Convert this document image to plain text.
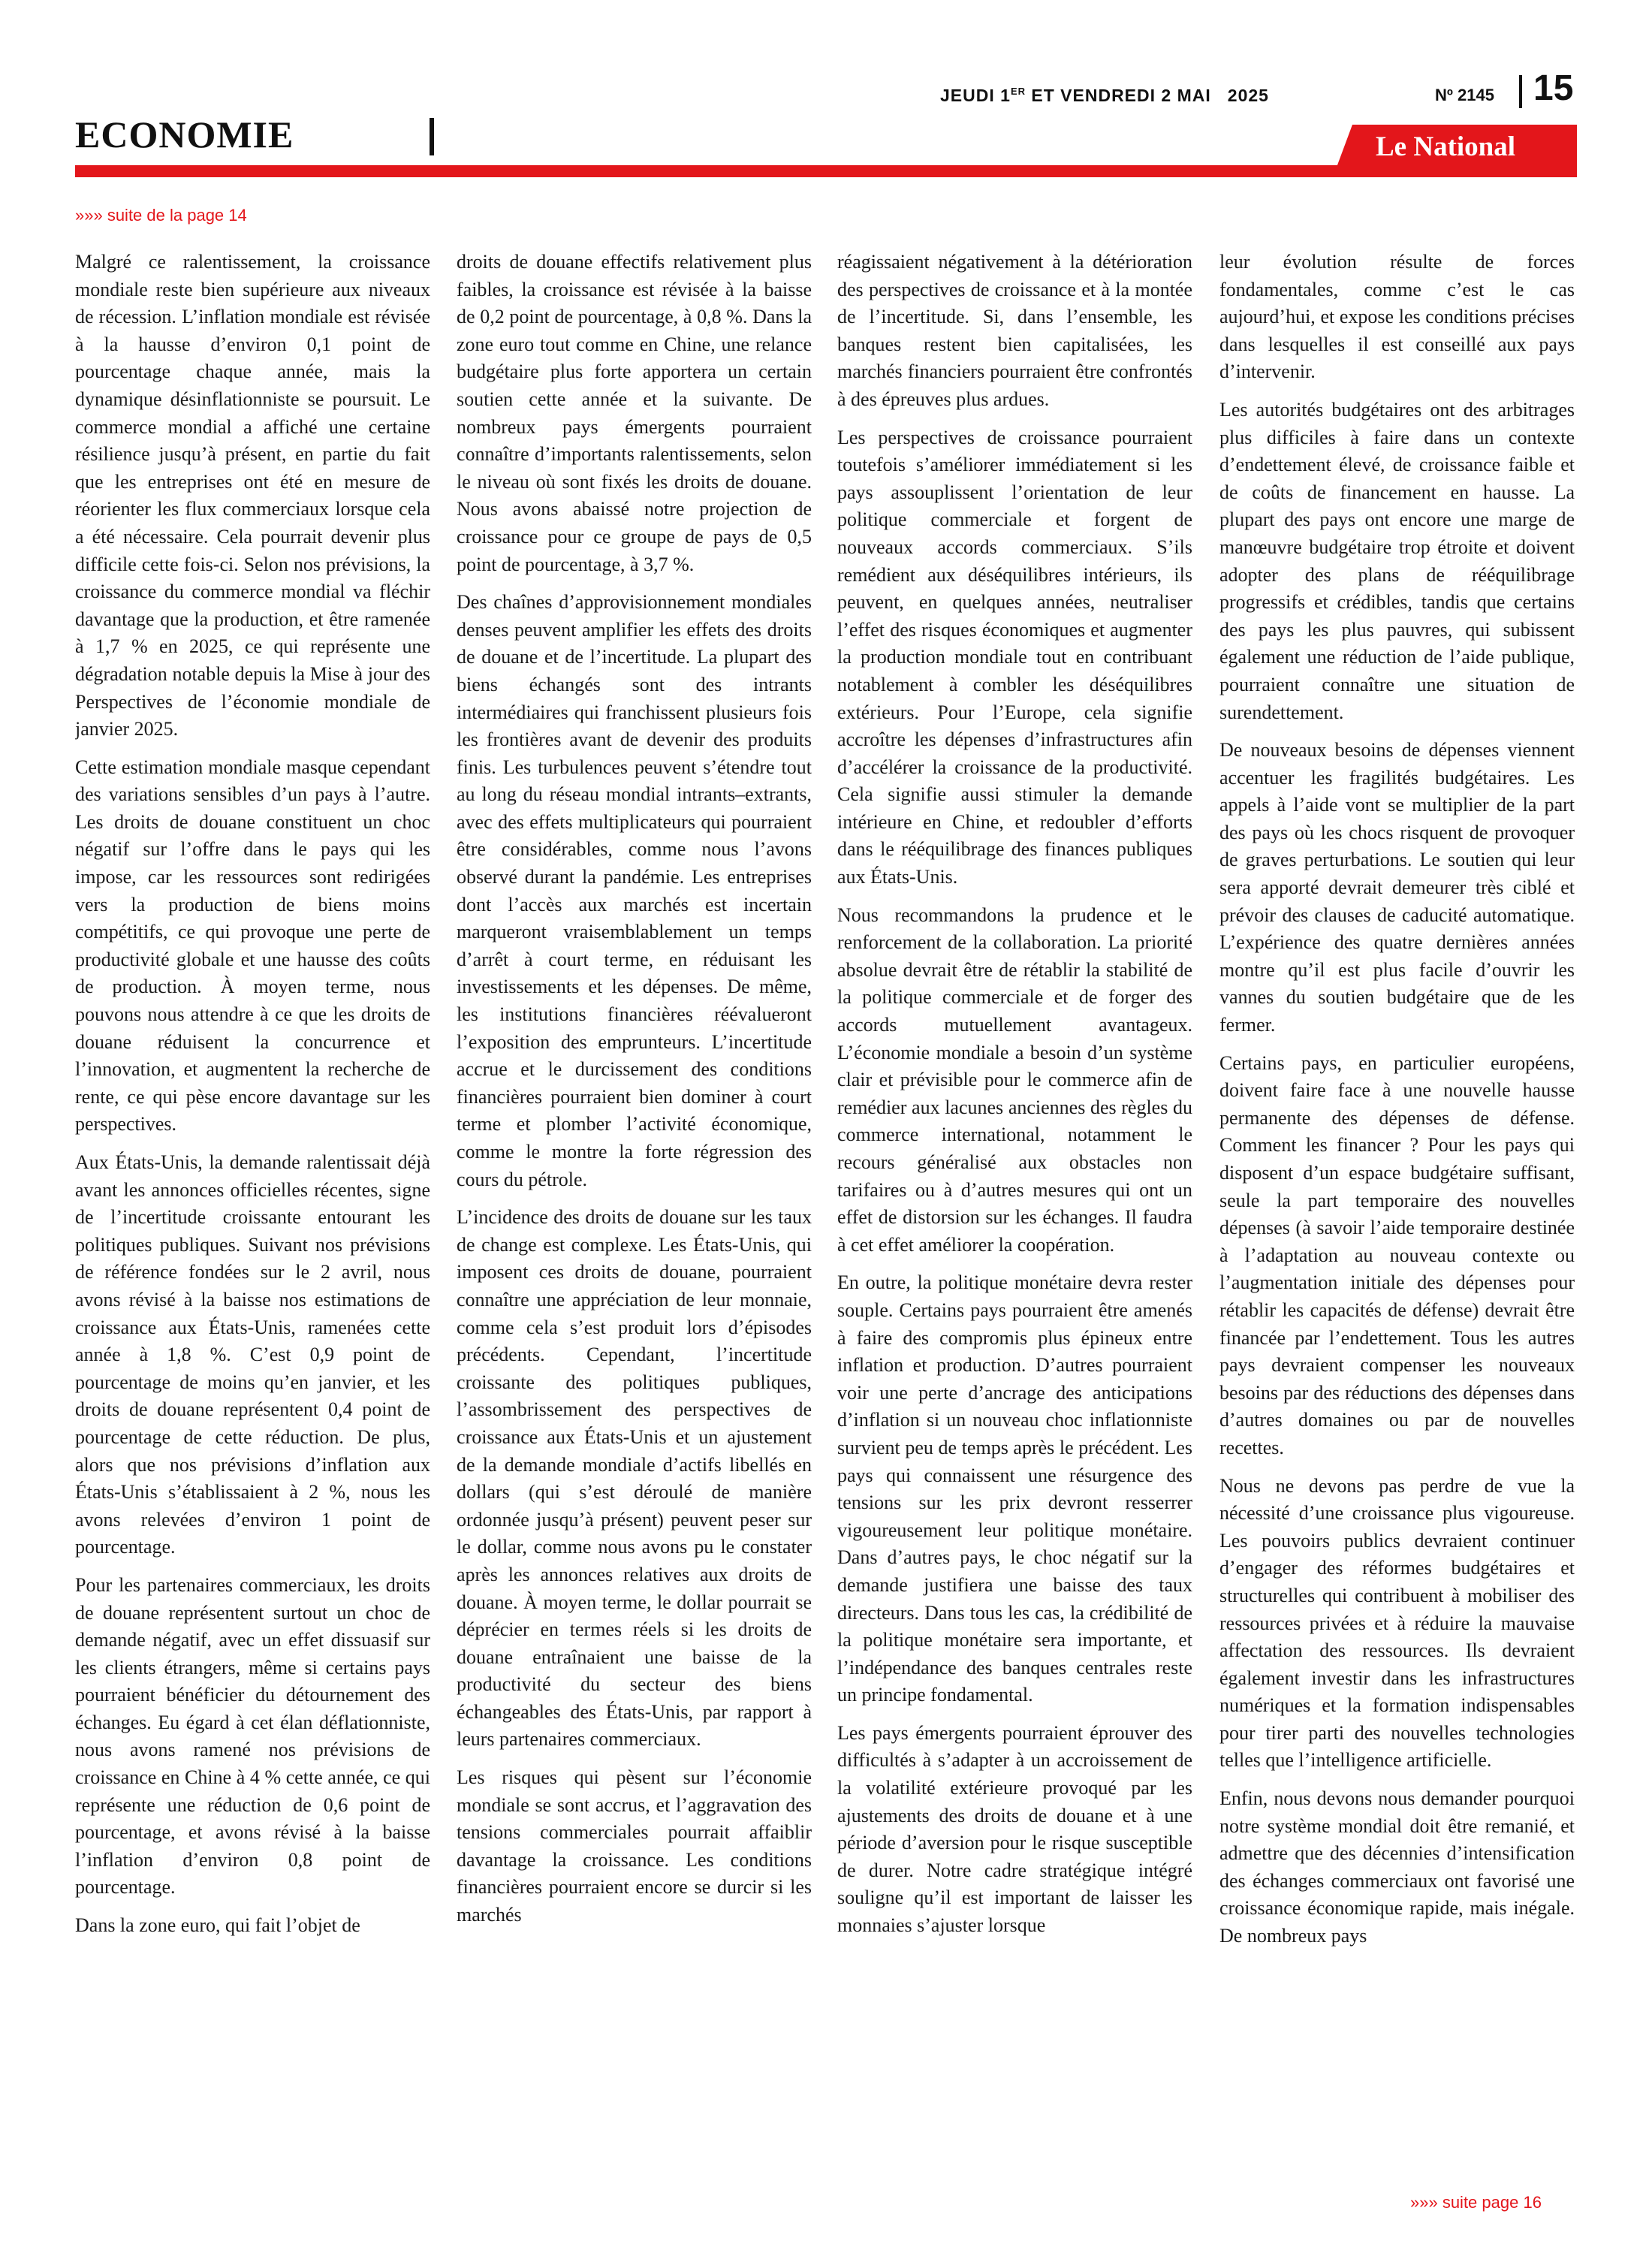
ECONOMIE
JEUDI 1ER ET VENDREDI 2 MAI 2025	Nº 2145 15
Le National
»»» suite de la page 14
»»» suite page 16

Malgré ce ralentissement, la croissance mondiale reste bien supérieure aux niveaux de récession. L’inflation mondiale est révisée à la hausse d’environ 0,1 point de pourcentage chaque année, mais la dynamique désinflationniste se poursuit. Le commerce mondial a affiché une certaine résilience jusqu’à présent, en partie du fait que les entreprises ont été en mesure de réorienter les flux commerciaux lorsque cela a été nécessaire. Cela pourrait devenir plus difficile cette fois-ci. Selon nos prévisions, la croissance du commerce mondial va fléchir davantage que la production, et être ramenée à 1,7 % en 2025, ce qui représente une dégradation notable depuis la Mise à jour des Perspectives de l’économie mondiale de janvier 2025.

Cette estimation mondiale masque cependant des variations sensibles d’un pays à l’autre. Les droits de douane constituent un choc négatif sur l’offre dans le pays qui les impose, car les ressources sont redirigées vers la production de biens moins compétitifs, ce qui provoque une perte de productivité globale et une hausse des coûts de production. À moyen terme, nous pouvons nous attendre à ce que les droits de douane réduisent la concurrence et l’innovation, et augmentent la recherche de rente, ce qui pèse encore davantage sur les perspectives.

Aux États-Unis, la demande ralentissait déjà avant les annonces officielles récentes, signe de l’incertitude croissante entourant les politiques publiques. Suivant nos prévisions de référence fondées sur le 2 avril, nous avons révisé à la baisse nos estimations de croissance aux États-Unis, ramenées cette année à 1,8 %. C’est 0,9 point de pourcentage de moins qu’en janvier, et les droits de douane représentent 0,4 point de pourcentage de cette réduction. De plus, alors que nos prévisions d’inflation aux États-Unis s’établissaient à 2 %, nous les avons relevées d’environ 1 point de pourcentage.

Pour les partenaires commerciaux, les droits de douane représentent surtout un choc de demande négatif, avec un effet dissuasif sur les clients étrangers, même si certains pays pourraient bénéficier du détournement des échanges. Eu égard à cet élan déflationniste, nous avons ramené nos prévisions de croissance en Chine à 4 % cette année, ce qui représente une réduction de 0,6 point de pourcentage, et avons révisé à la baisse l’inflation d’environ 0,8 point de pourcentage.

Dans la zone euro, qui fait l’objet de

droits de douane effectifs relativement plus faibles, la croissance est révisée à la baisse de 0,2 point de pourcentage, à 0,8 %. Dans la zone euro tout comme en Chine, une relance budgétaire plus forte apportera un certain soutien cette année et la suivante. De nombreux pays émergents pourraient connaître d’importants ralentissements, selon le niveau où sont fixés les droits de douane. Nous avons abaissé notre projection de croissance pour ce groupe de pays de 0,5 point de pourcentage, à 3,7 %.

Des chaînes d’approvisionnement mondiales denses peuvent amplifier les effets des droits de douane et de l’incertitude. La plupart des biens échangés sont des intrants intermédiaires qui franchissent plusieurs fois les frontières avant de devenir des produits finis. Les turbulences peuvent s’étendre tout au long du réseau mondial intrants–extrants, avec des effets multiplicateurs qui pourraient être considérables, comme nous l’avons observé durant la pandémie. Les entreprises dont l’accès aux marchés est incertain marqueront vraisemblablement un temps d’arrêt à court terme, en réduisant les investissements et les dépenses. De même, les institutions financières réévalueront l’exposition des emprunteurs. L’incertitude accrue et le durcissement des conditions financières pourraient bien dominer à court terme et plomber l’activité économique, comme le montre la forte régression des cours du pétrole.

L’incidence des droits de douane sur les taux de change est complexe. Les États-Unis, qui imposent ces droits de douane, pourraient connaître une appréciation de leur monnaie, comme cela s’est produit lors d’épisodes précédents. Cependant, l’incertitude croissante des politiques publiques, l’assombrissement des perspectives de croissance aux États-Unis et un ajustement de la demande mondiale d’actifs libellés en dollars (qui s’est déroulé de manière ordonnée jusqu’à présent) peuvent peser sur le dollar, comme nous avons pu le constater après les annonces relatives aux droits de douane. À moyen terme, le dollar pourrait se déprécier en termes réels si les droits de douane entraînaient une baisse de la productivité du secteur des biens échangeables des États-Unis, par rapport à leurs partenaires commerciaux.

Les risques qui pèsent sur l’économie mondiale se sont accrus, et l’aggravation des tensions commerciales pourrait affaiblir davantage la croissance. Les conditions financières pourraient encore se durcir si les marchés

réagissaient négativement à la détérioration des perspectives de croissance et à la montée de l’incertitude. Si, dans l’ensemble, les banques restent bien capitalisées, les marchés financiers pourraient être confrontés à des épreuves plus ardues.

Les perspectives de croissance pourraient toutefois s’améliorer immédiatement si les pays assouplissent l’orientation de leur politique commerciale et forgent de nouveaux accords commerciaux. S’ils remédient aux déséquilibres intérieurs, ils peuvent, en quelques années, neutraliser l’effet des risques économiques et augmenter la production mondiale tout en contribuant notablement à combler les déséquilibres extérieurs. Pour l’Europe, cela signifie accroître les dépenses d’infrastructures afin d’accélérer la croissance de la productivité. Cela signifie aussi stimuler la demande intérieure en Chine, et redoubler d’efforts dans le rééquilibrage des finances publiques aux États-Unis.

Nous recommandons la prudence et le renforcement de la collaboration. La priorité absolue devrait être de rétablir la stabilité de la politique commerciale et de forger des accords mutuellement avantageux. L’économie mondiale a besoin d’un système clair et prévisible pour le commerce afin de remédier aux lacunes anciennes des règles du commerce international, notamment le recours généralisé aux obstacles non tarifaires ou à d’autres mesures qui ont un effet de distorsion sur les échanges. Il faudra à cet effet améliorer la coopération.

En outre, la politique monétaire devra rester souple. Certains pays pourraient être amenés à faire des compromis plus épineux entre inflation et production. D’autres pourraient voir une perte d’ancrage des anticipations d’inflation si un nouveau choc inflationniste survient peu de temps après le précédent. Les pays qui connaissent une résurgence des tensions sur les prix devront resserrer vigoureusement leur politique monétaire. Dans d’autres pays, le choc négatif sur la demande justifiera une baisse des taux directeurs. Dans tous les cas, la crédibilité de la politique monétaire sera importante, et l’indépendance des banques centrales reste un principe fondamental.

Les pays émergents pourraient éprouver des difficultés à s’adapter à un accroissement de la volatilité extérieure provoqué par les ajustements des droits de douane et à une période d’aversion pour le risque susceptible de durer. Notre cadre stratégique intégré souligne qu’il est important de laisser les monnaies s’ajuster lorsque

leur évolution résulte de forces fondamentales, comme c’est le cas aujourd’hui, et expose les conditions précises dans lesquelles il est conseillé aux pays d’intervenir.

Les autorités budgétaires ont des arbitrages plus difficiles à faire dans un contexte d’endettement élevé, de croissance faible et de coûts de financement en hausse. La plupart des pays ont encore une marge de manœuvre budgétaire trop étroite et doivent adopter des plans de rééquilibrage progressifs et crédibles, tandis que certains des pays les plus pauvres, qui subissent également une réduction de l’aide publique, pourraient connaître une situation de surendettement.

De nouveaux besoins de dépenses viennent accentuer les fragilités budgétaires. Les appels à l’aide vont se multiplier de la part des pays où les chocs risquent de provoquer de graves perturbations. Le soutien qui leur sera apporté devrait demeurer très ciblé et prévoir des clauses de caducité automatique. L’expérience des quatre dernières années montre qu’il est plus facile d’ouvrir les vannes du soutien budgétaire que de les fermer.

Certains pays, en particulier européens, doivent faire face à une nouvelle hausse permanente des dépenses de défense. Comment les financer ? Pour les pays qui disposent d’un espace budgétaire suffisant, seule la part temporaire des nouvelles dépenses (à savoir l’aide temporaire destinée à l’adaptation au nouveau contexte ou l’augmentation initiale des dépenses pour rétablir les capacités de défense) devrait être financée par l’endettement. Tous les autres pays devraient compenser les nouveaux besoins par des réductions des dépenses dans d’autres domaines ou par de nouvelles recettes.

Nous ne devons pas perdre de vue la nécessité d’une croissance plus vigoureuse. Les pouvoirs publics devraient continuer d’engager des réformes budgétaires et structurelles qui contribuent à mobiliser des ressources privées et à réduire la mauvaise affectation des ressources. Ils devraient également investir dans les infrastructures numériques et la formation indispensables pour tirer parti des nouvelles technologies telles que l’intelligence artificielle.

Enfin, nous devons nous demander pourquoi notre système mondial doit être remanié, et admettre que des décennies d’intensification des échanges commerciaux ont favorisé une croissance économique rapide, mais inégale. De nombreux pays
